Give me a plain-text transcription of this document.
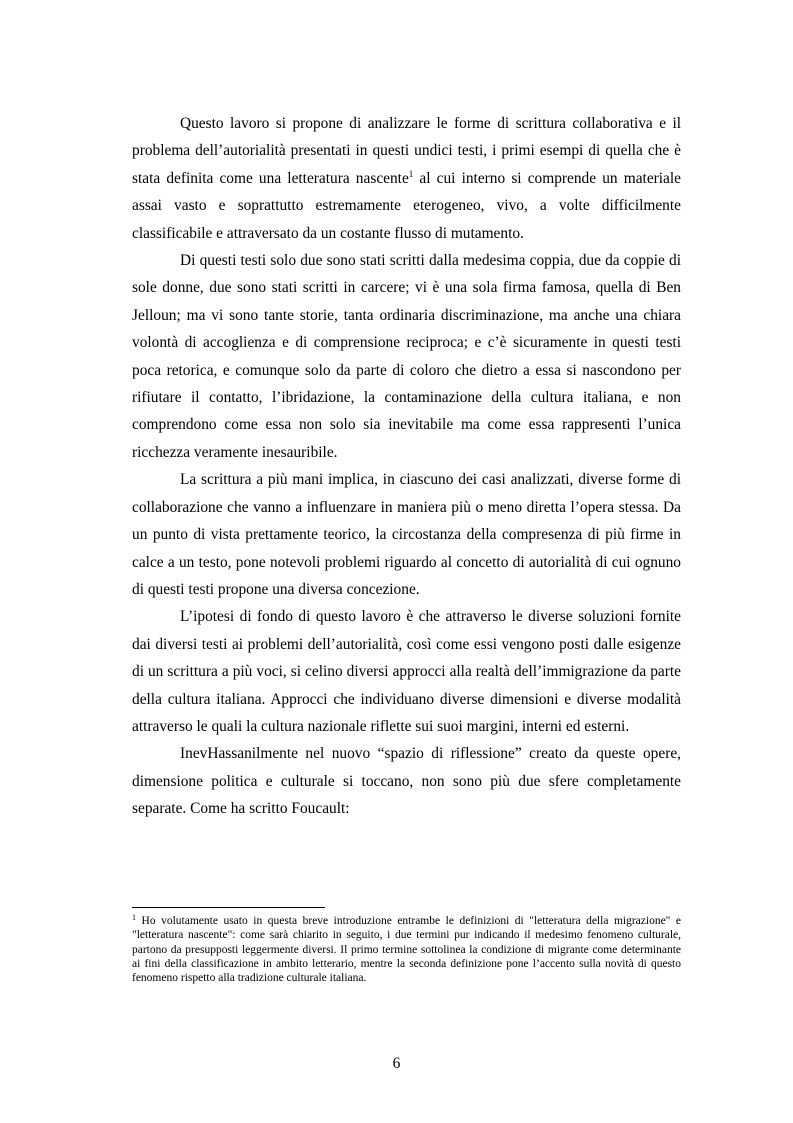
Questo lavoro si propone di analizzare le forme di scrittura collaborativa e il problema dell’autorialità presentati in questi undici testi, i primi esempi di quella che è stata definita come una letteratura nascente$^1$ al cui interno si comprende un materiale assai vasto e soprattutto estremamente eterogeneo, vivo, a volte difficilmente classificabile e attraversato da un costante flusso di mutamento.

Di questi testi solo due sono stati scritti dalla medesima coppia, due da coppie di sole donne, due sono stati scritti in carcere; vi è una sola firma famosa, quella di Ben Jelloun; ma vi sono tante storie, tanta ordinaria discriminazione, ma anche una chiara volontà di accoglienza e di comprensione reciproca; e c’è sicuramente in questi testi poca retorica, e comunque solo da parte di coloro che dietro a essa si nascondono per rifiutare il contatto, l’ibridazione, la contaminazione della cultura italiana, e non comprendono come essa non solo sia inevitabile ma come essa rappresenti l’unica ricchezza veramente inesauribile.

La scrittura a più mani implica, in ciascuno dei casi analizzati, diverse forme di collaborazione che vanno a influenzare in maniera più o meno diretta l’opera stessa. Da un punto di vista prettamente teorico, la circostanza della compresenza di più firme in calce a un testo, pone notevoli problemi riguardo al concetto di autorialità di cui ognuno di questi testi propone una diversa concezione.

L’ipotesi di fondo di questo lavoro è che attraverso le diverse soluzioni fornite dai diversi testi ai problemi dell’autorialità, così come essi vengono posti dalle esigenze di un scrittura a più voci, si celino diversi approcci alla realtà dell’immigrazione da parte della cultura italiana. Approcci che individuano diverse dimensioni e diverse modalità attraverso le quali la cultura nazionale riflette sui suoi margini, interni ed esterni.

InevHassanilmente nel nuovo “spazio di riflessione” creato da queste opere, dimensione politica e culturale si toccano, non sono più due sfere completamente separate. Come ha scritto Foucault:

$^1$ Ho volutamente usato in questa breve introduzione entrambe le definizioni di "letteratura della migrazione" e "letteratura nascente": come sarà chiarito in seguito, i due termini pur indicando il medesimo fenomeno culturale, partono da presupposti leggermente diversi. Il primo termine sottolinea la condizione di migrante come determinante ai fini della classificazione in ambito letterario, mentre la seconda definizione pone l’accento sulla novità di questo fenomeno rispetto alla tradizione culturale italiana.

6
